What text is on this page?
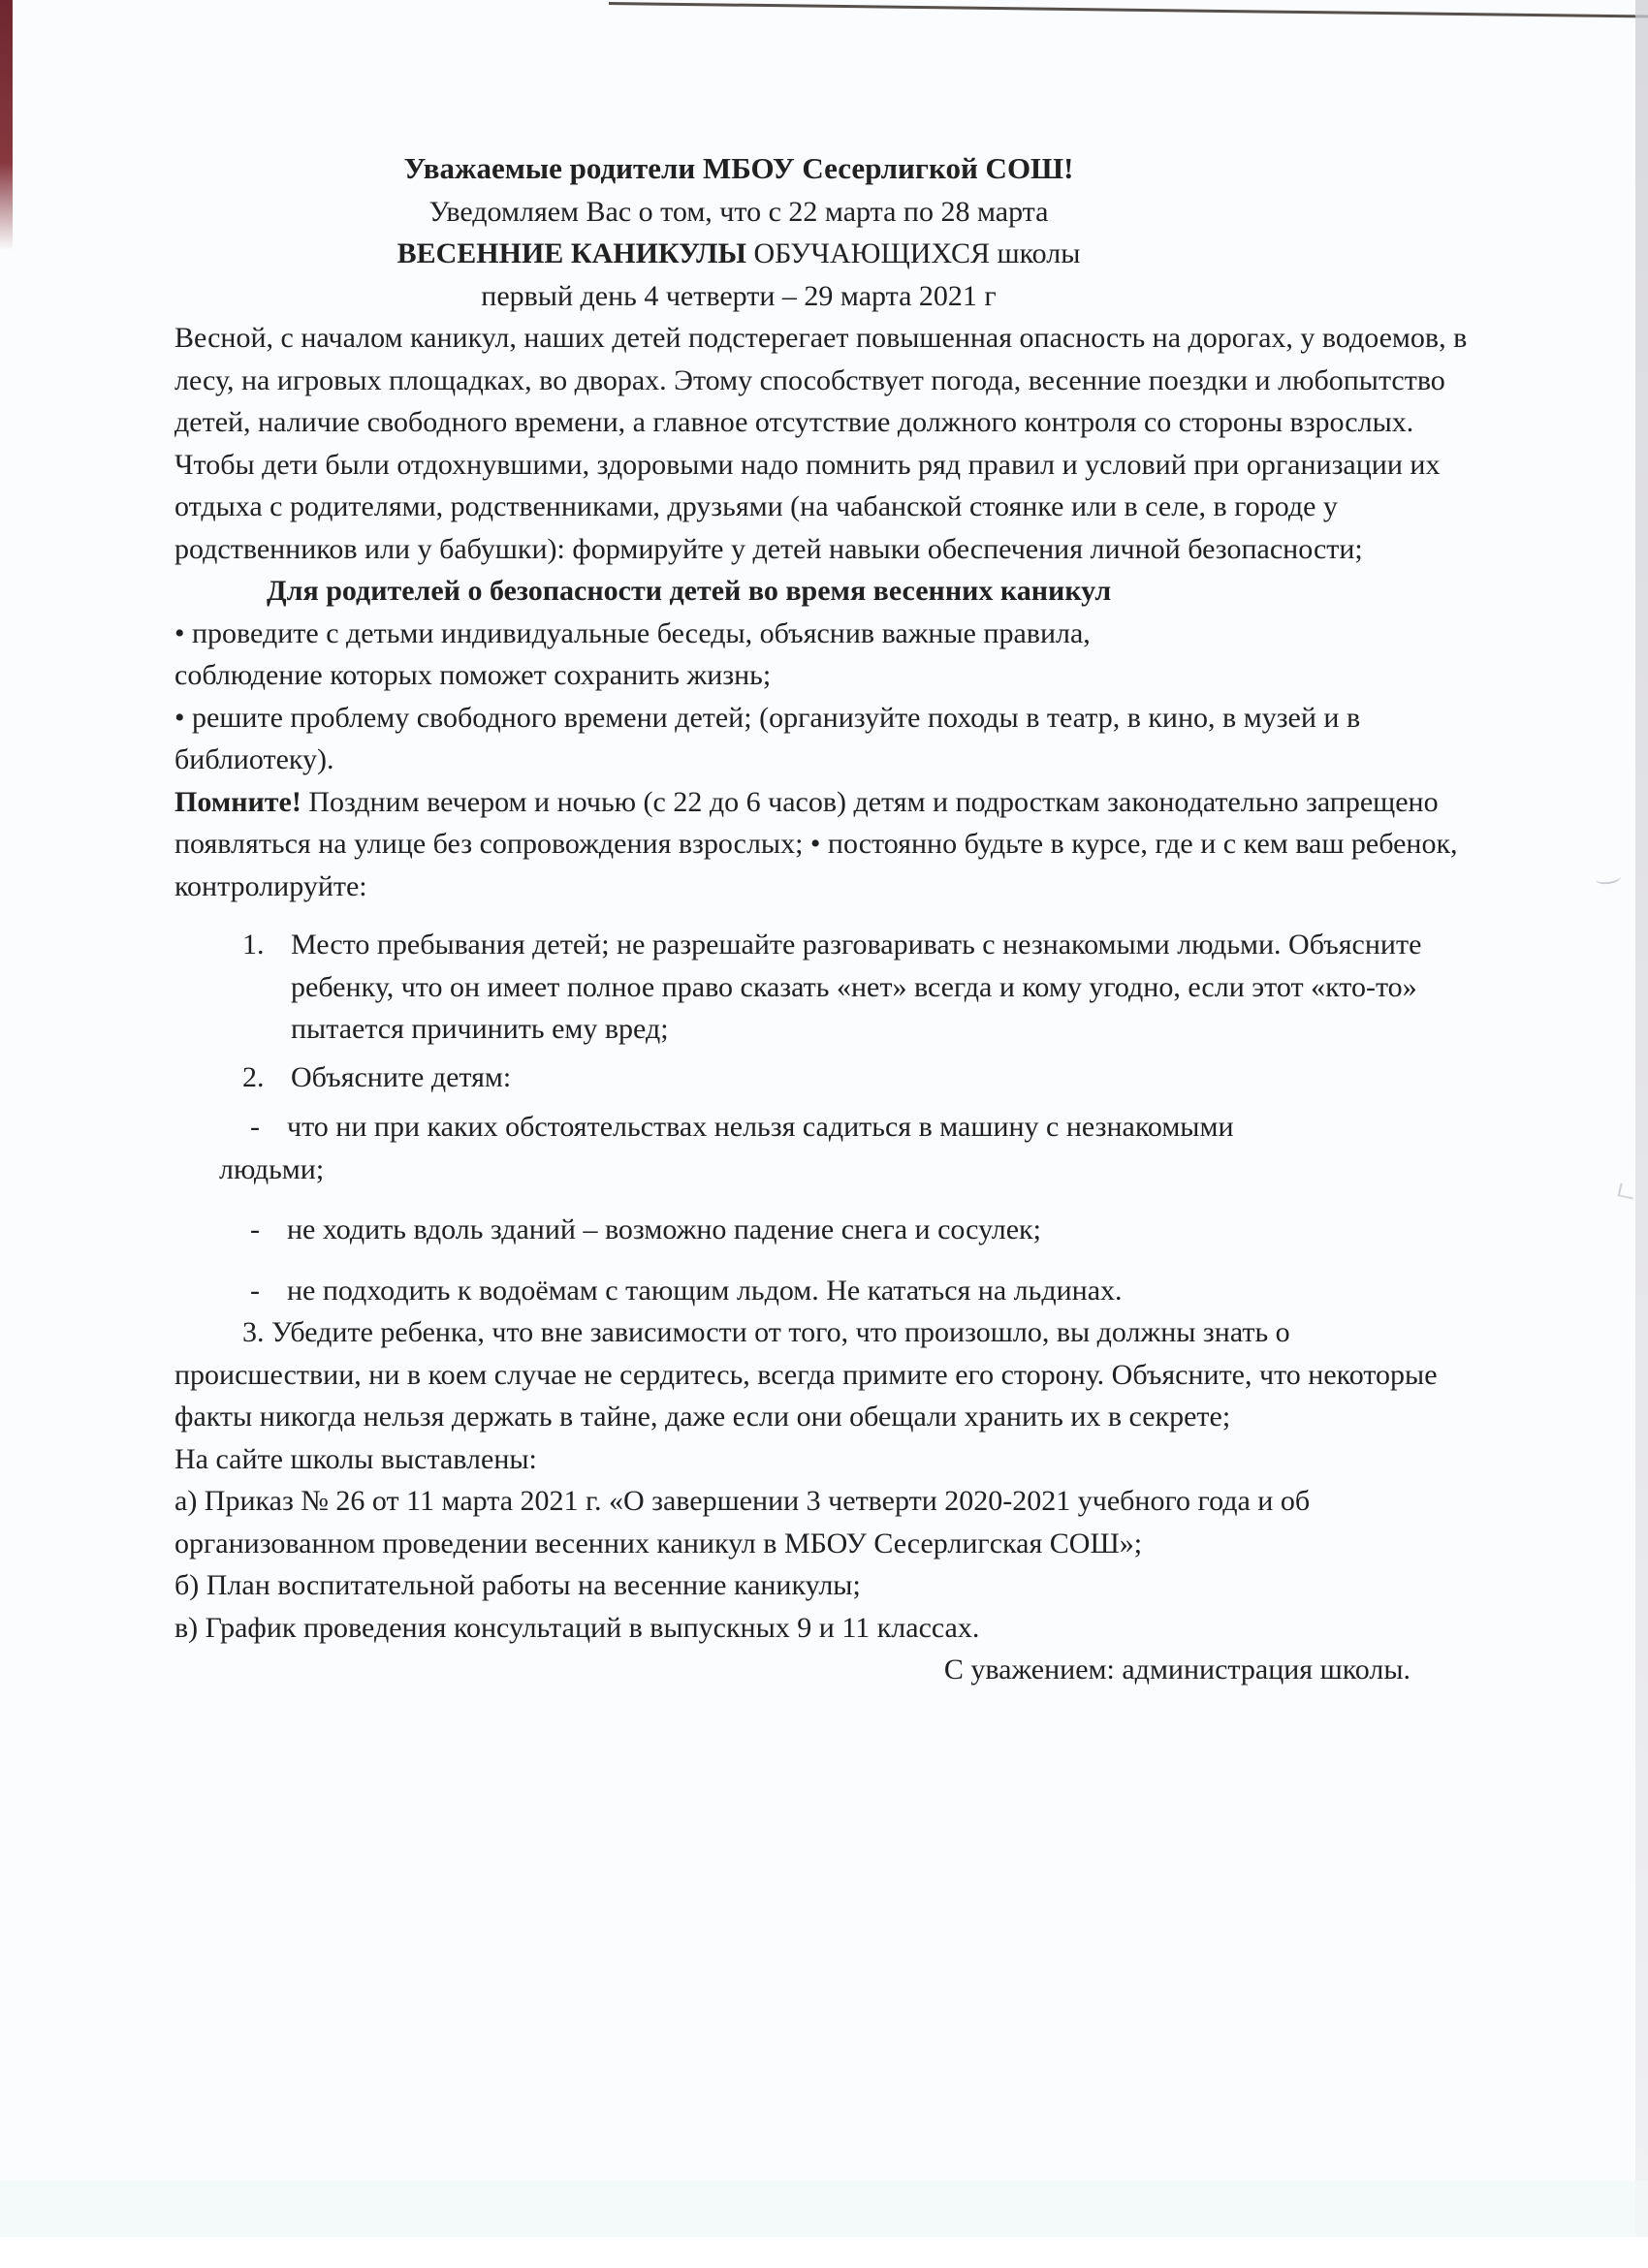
Уважаемые родители МБОУ Сесерлигкой СОШ!

Уведомляем Вас о том, что с 22 марта по 28 марта

ВЕСЕННИЕ КАНИКУЛЫ ОБУЧАЮЩИХСЯ школы

первый день 4 четверти – 29 марта 2021 г

Весной, с началом каникул, наших детей подстерегает повышенная опасность на дорогах, у водоемов, в лесу, на игровых площадках, во дворах. Этому способствует погода, весенние поездки и любопытство детей, наличие свободного времени, а главное отсутствие должного контроля со стороны взрослых. Чтобы дети были отдохнувшими, здоровыми надо помнить ряд правил и условий при организации их отдыха с родителями, родственниками, друзьями (на чабанской стоянке или в селе, в городе у родственников или у бабушки): формируйте у детей навыки обеспечения личной безопасности;

Для родителей о безопасности детей во время весенних каникул

• проведите с детьми индивидуальные беседы, объяснив важные правила,

соблюдение которых поможет сохранить жизнь;

• решите проблему свободного времени детей; (организуйте походы в театр, в кино, в музей и в библиотеку).

Помните! Поздним вечером и ночью (с 22 до 6 часов) детям и подросткам законодательно запрещено появляться на улице без сопровождения взрослых; • постоянно будьте в курсе, где и с кем ваш ребенок, контролируйте:

1. Место пребывания детей; не разрешайте разговаривать с незнакомыми людьми. Объясните ребенку, что он имеет полное право сказать «нет» всегда и кому угодно, если этот «кто-то» пытается причинить ему вред;
2. Объясните детям:
- что ни при каких обстоятельствах нельзя садиться в машину с незнакомыми
людьми;
- не ходить вдоль зданий – возможно падение снега и сосулек;
- не подходить к водоёмам с тающим льдом. Не кататься на льдинах.

3. Убедите ребенка, что вне зависимости от того, что произошло, вы должны знать о происшествии, ни в коем случае не сердитесь, всегда примите его сторону. Объясните, что некоторые факты никогда нельзя держать в тайне, даже если они обещали хранить их в секрете;

На сайте школы выставлены:

а) Приказ № 26 от 11 марта 2021 г. «О завершении 3 четверти 2020-2021 учебного года и об организованном проведении весенних каникул в МБОУ Сесерлигская СОШ»;

б) План воспитательной работы на весенние каникулы;

в) График проведения консультаций в выпускных 9 и 11 классах.

С уважением: администрация школы.
